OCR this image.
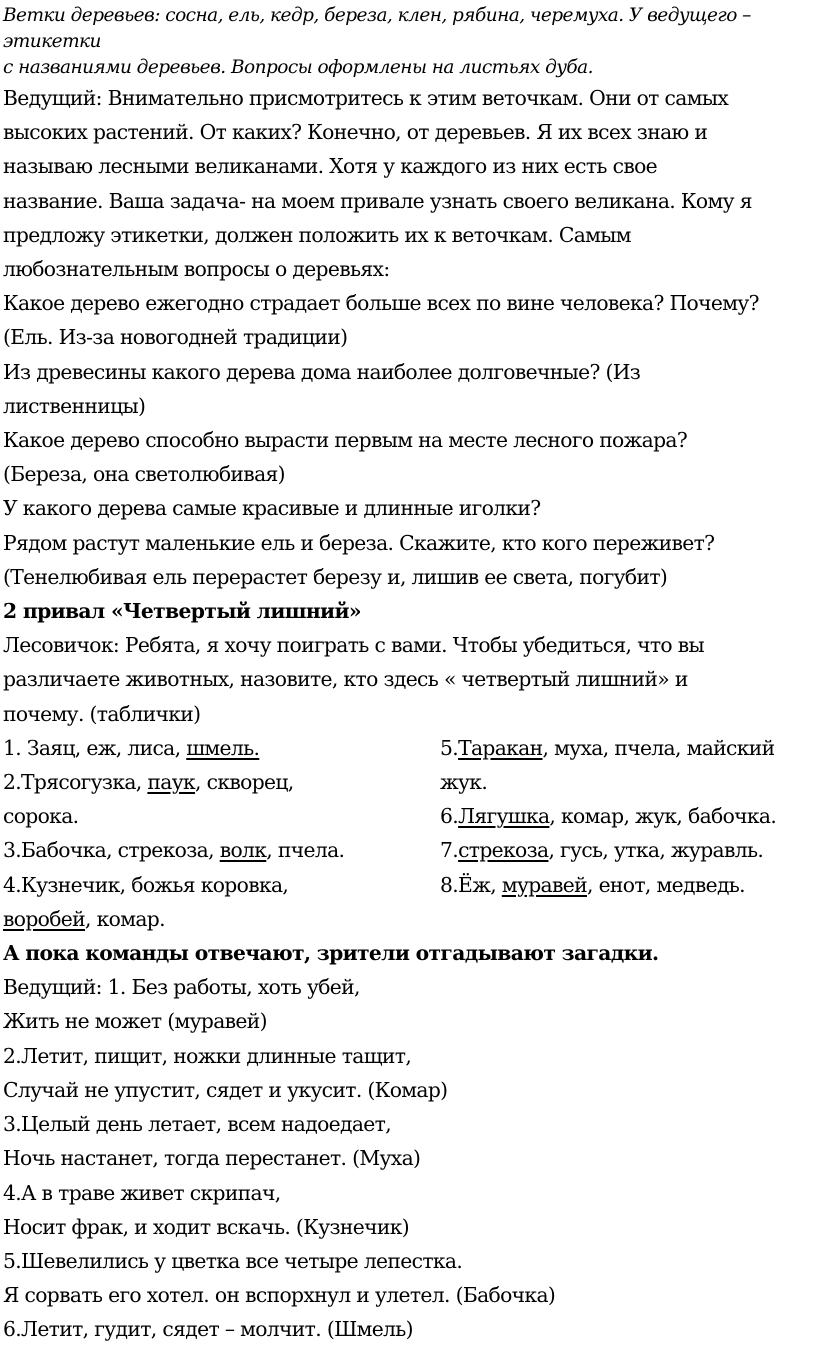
Ветки деревьев: сосна, ель, кедр, береза, клен, рябина, черемуха. У ведущего – этикетки
с названиями деревьев. Вопросы оформлены на листьях дуба.
Ведущий: Внимательно присмотритесь к этим веточкам. Они от самых
высоких растений. От каких? Конечно, от деревьев. Я их всех знаю и
называю лесными великанами. Хотя у каждого из них есть свое
название. Ваша задача- на моем привале узнать своего великана. Кому я
предложу этикетки, должен положить их к веточкам. Самым
любознательным вопросы о деревьях:
Какое дерево ежегодно страдает больше всех по вине человека? Почему?
(Ель. Из-за новогодней традиции)
Из древесины какого дерева дома наиболее долговечные? (Из
лиственницы)
Какое дерево способно вырасти первым на месте лесного пожара?
(Береза, она светолюбивая)
У какого дерева самые красивые и длинные иголки?
Рядом растут маленькие ель и береза. Скажите, кто кого переживет?
(Тенелюбивая ель перерастет березу и, лишив ее света, погубит)
2 привал «Четвертый лишний»
Лесовичок: Ребята, я хочу поиграть с вами. Чтобы убедиться, что вы
различаете животных, назовите, кто здесь « четвертый лишний» и
почему. (таблички)
1. Заяц, еж, лиса, шмель.
2.Трясогузка, паук, скворец,
сорока.
3.Бабочка, стрекоза, волк, пчела.
4.Кузнечик, божья коровка,
воробей, комар.
5.Таракан, муха, пчела, майский
жук.
6.Лягушка, комар, жук, бабочка.
7.стрекоза, гусь, утка, журавль.
8.Ёж, муравей, енот, медведь.
А пока команды отвечают, зрители отгадывают загадки.
Ведущий: 1. Без работы, хоть убей,
Жить не может (муравей)
2.Летит, пищит, ножки длинные тащит,
Случай не упустит, сядет и укусит. (Комар)
3.Целый день летает, всем надоедает,
Ночь настанет, тогда перестанет. (Муха)
4.А в траве живет скрипач,
Носит фрак, и ходит вскачь. (Кузнечик)
5.Шевелились у цветка все четыре лепестка.
Я сорвать его хотел. он вспорхнул и улетел. (Бабочка)
6.Летит, гудит, сядет – молчит. (Шмель)
